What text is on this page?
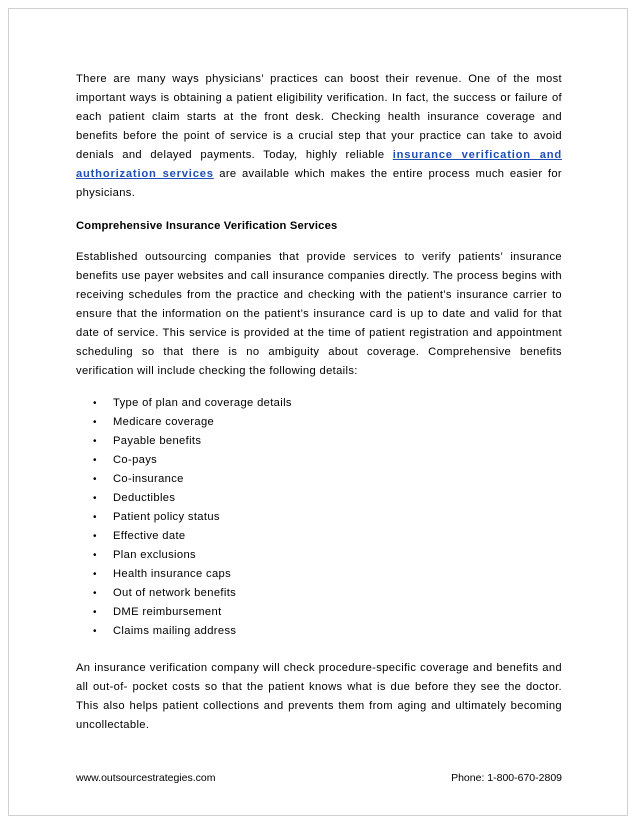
There are many ways physicians’ practices can boost their revenue. One of the most important ways is obtaining a patient eligibility verification. In fact, the success or failure of each patient claim starts at the front desk. Checking health insurance coverage and benefits before the point of service is a crucial step that your practice can take to avoid denials and delayed payments. Today, highly reliable insurance verification and authorization services are available which makes the entire process much easier for physicians.

Comprehensive Insurance Verification Services

Established outsourcing companies that provide services to verify patients’ insurance benefits use payer websites and call insurance companies directly. The process begins with receiving schedules from the practice and checking with the patient’s insurance carrier to ensure that the information on the patient’s insurance card is up to date and valid for that date of service. This service is provided at the time of patient registration and appointment scheduling so that there is no ambiguity about coverage. Comprehensive benefits verification will include checking the following details:

• Type of plan and coverage details
• Medicare coverage
• Payable benefits
• Co-pays
• Co-insurance
• Deductibles
• Patient policy status
• Effective date
• Plan exclusions
• Health insurance caps
• Out of network benefits
• DME reimbursement
• Claims mailing address

An insurance verification company will check procedure-specific coverage and benefits and all out-of- pocket costs so that the patient knows what is due before they see the doctor. This also helps patient collections and prevents them from aging and ultimately becoming uncollectable.

www.outsourcestrategies.com	Phone: 1-800-670-2809
